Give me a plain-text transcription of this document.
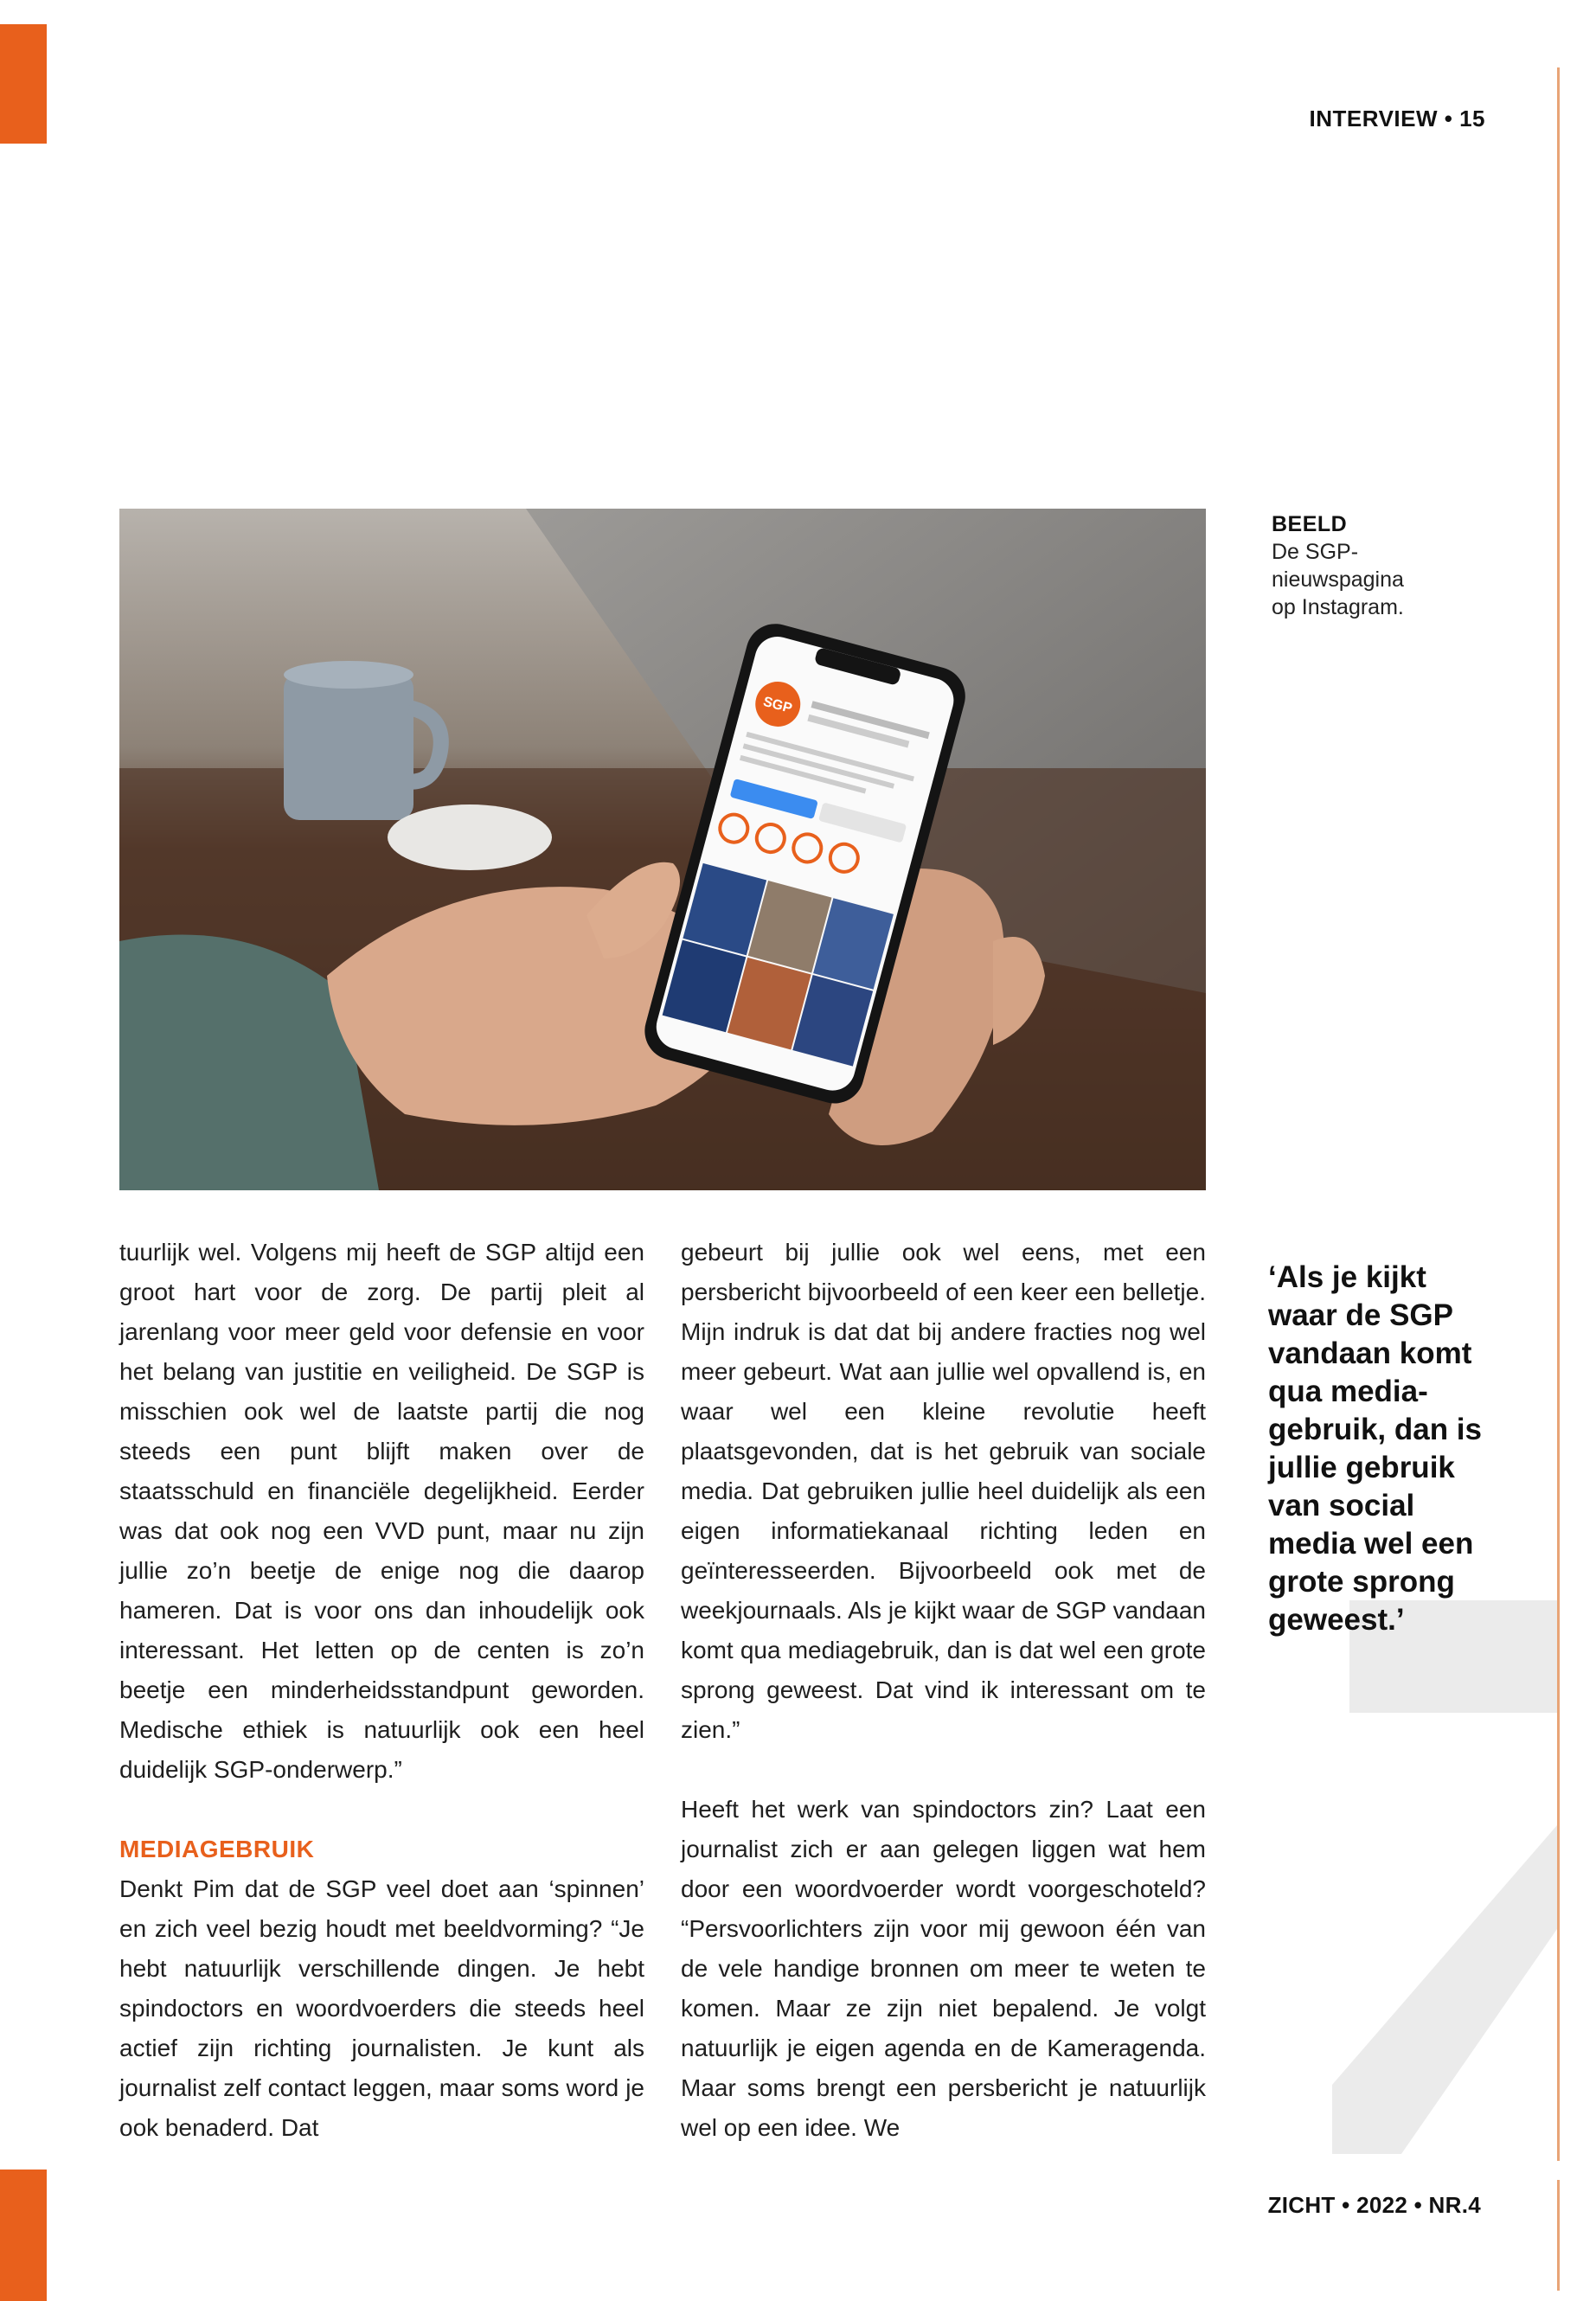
INTERVIEW • 15
SGP
BEELD
De SGP-
nieuwspagina
op Instagram.

tuurlijk wel. Volgens mij heeft de SGP altijd een groot hart voor de zorg. De partij pleit al jarenlang voor meer geld voor defensie en voor het belang van justitie en veiligheid. De SGP is misschien ook wel de laatste partij die nog steeds een punt blijft maken over de staatsschuld en financiële degelijkheid. Eerder was dat ook nog een VVD punt, maar nu zijn jullie zo’n beetje de enige nog die daarop hameren. Dat is voor ons dan inhoudelijk ook interessant. Het letten op de centen is zo’n beetje een minderheidsstandpunt geworden. Medische ethiek is natuurlijk ook een heel duidelijk SGP-onderwerp.”

MEDIAGEBRUIK

Denkt Pim dat de SGP veel doet aan ‘spinnen’ en zich veel bezig houdt met beeldvorming? “Je hebt natuurlijk verschillende dingen. Je hebt spindoctors en woordvoerders die steeds heel actief zijn richting journalisten. Je kunt als journalist zelf contact leggen, maar soms word je ook benaderd. Dat

gebeurt bij jullie ook wel eens, met een persbericht bijvoorbeeld of een keer een belletje. Mijn indruk is dat dat bij andere fracties nog wel meer gebeurt. Wat aan jullie wel opvallend is, en waar wel een kleine revolutie heeft plaatsgevonden, dat is het gebruik van sociale media. Dat gebruiken jullie heel duidelijk als een eigen informatiekanaal richting leden en geïnteresseerden. Bijvoorbeeld ook met de weekjournaals. Als je kijkt waar de SGP vandaan komt qua mediagebruik, dan is dat wel een grote sprong geweest. Dat vind ik interessant om te zien.”

Heeft het werk van spindoctors zin? Laat een journalist zich er aan gelegen liggen wat hem door een woordvoerder wordt voorgeschoteld? “Persvoorlichters zijn voor mij gewoon één van de vele handige bronnen om meer te weten te komen. Maar ze zijn niet bepalend. Je volgt natuurlijk je eigen agenda en de Kameragenda. Maar soms brengt een persbericht je natuurlijk wel op een idee. We

‘Als je kijkt
waar de SGP
vandaan komt
qua media-
gebruik, dan is
jullie gebruik
van social
media wel een
grote sprong
geweest.’
ZICHT • 2022 • NR.4
